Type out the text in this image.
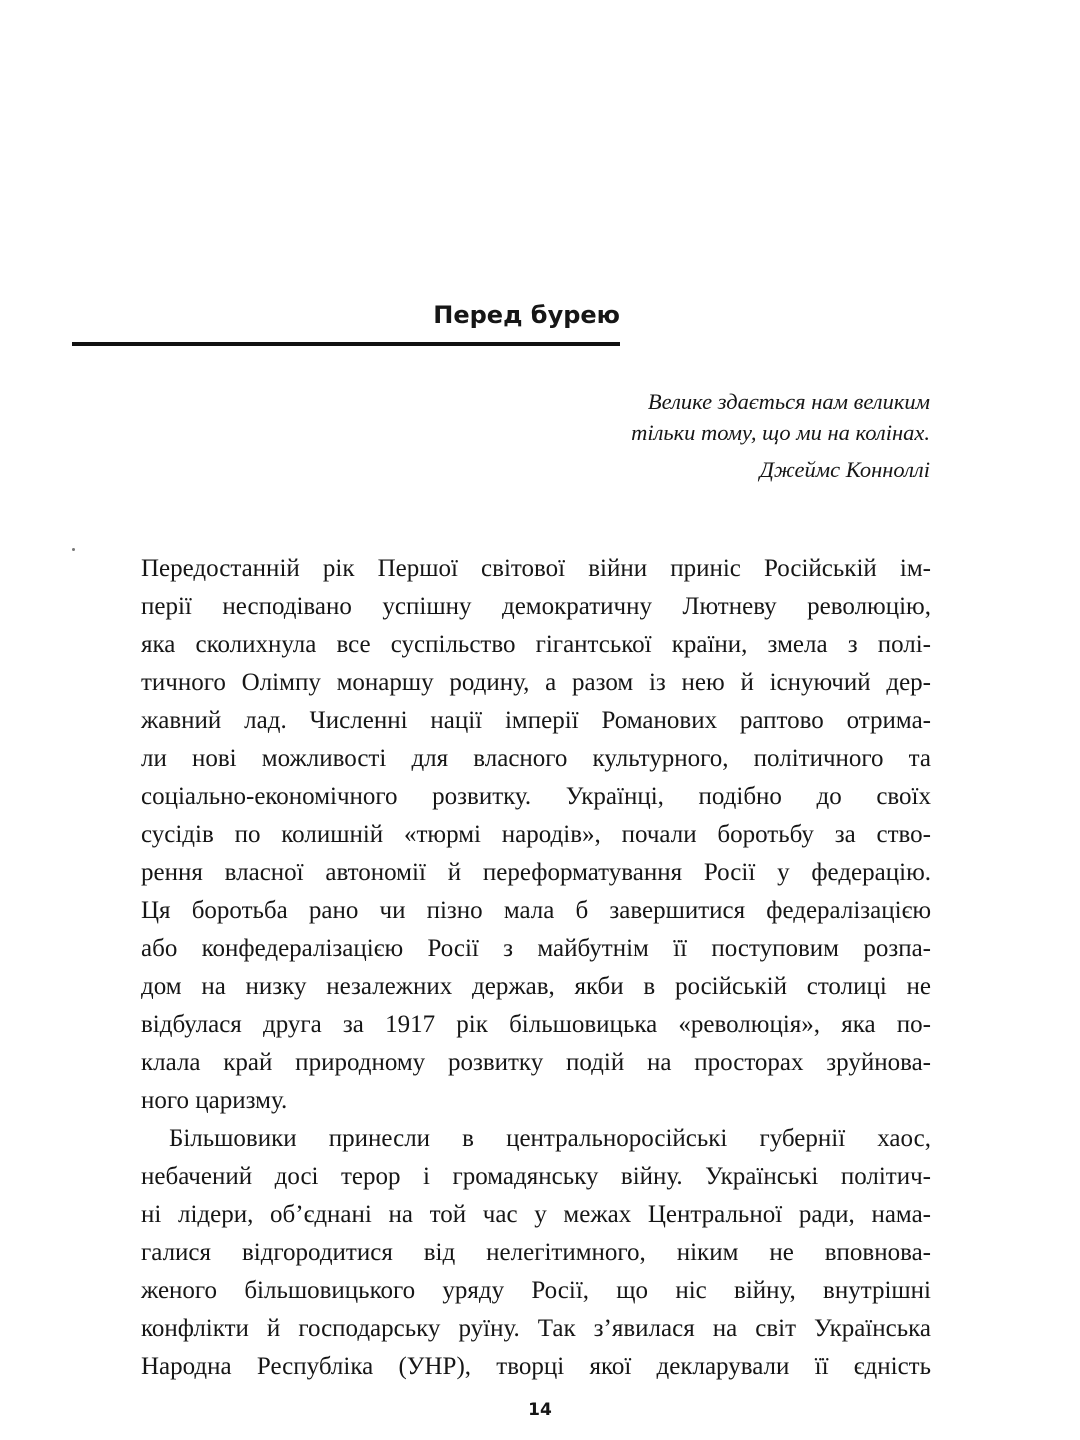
Перед бурею
Велике здається нам великим
тільки тому, що ми на колінах.
Джеймс Конноллі
Передостанній рік Першої світової війни приніс Російській ім-
перії несподівано успішну демократичну Лютневу революцію,
яка сколихнула все суспільство гігантської країни, змела з полі-
тичного Олімпу монаршу родину, а разом із нею й існуючий дер-
жавний лад. Численні нації імперії Романових раптово отрима-
ли нові можливості для власного культурного, політичного та
соціально-економічного розвитку. Українці, подібно до своїх
сусідів по колишній «тюрмі народів», почали боротьбу за ство-
рення власної автономії й переформатування Росії у федерацію.
Ця боротьба рано чи пізно мала б завершитися федералізацією
або конфедералізацією Росії з майбутнім її поступовим розпа-
дом на низку незалежних держав, якби в російській столиці не
відбулася друга за 1917 рік більшовицька «революція», яка по-
клала край природному розвитку подій на просторах зруйнова-
ного царизму.
Більшовики принесли в центральноросійські губернії хаос,
небачений досі терор і громадянську війну. Українські політич-
ні лідери, об’єднані на той час у межах Центральної ради, нама-
галися відгородитися від нелегітимного, ніким не вповнова-
женого більшовицького уряду Росії, що ніс війну, внутрішні
конфлікти й господарську руїну. Так з’явилася на світ Українська
Народна Республіка (УНР), творці якої декларували її єдність
14
